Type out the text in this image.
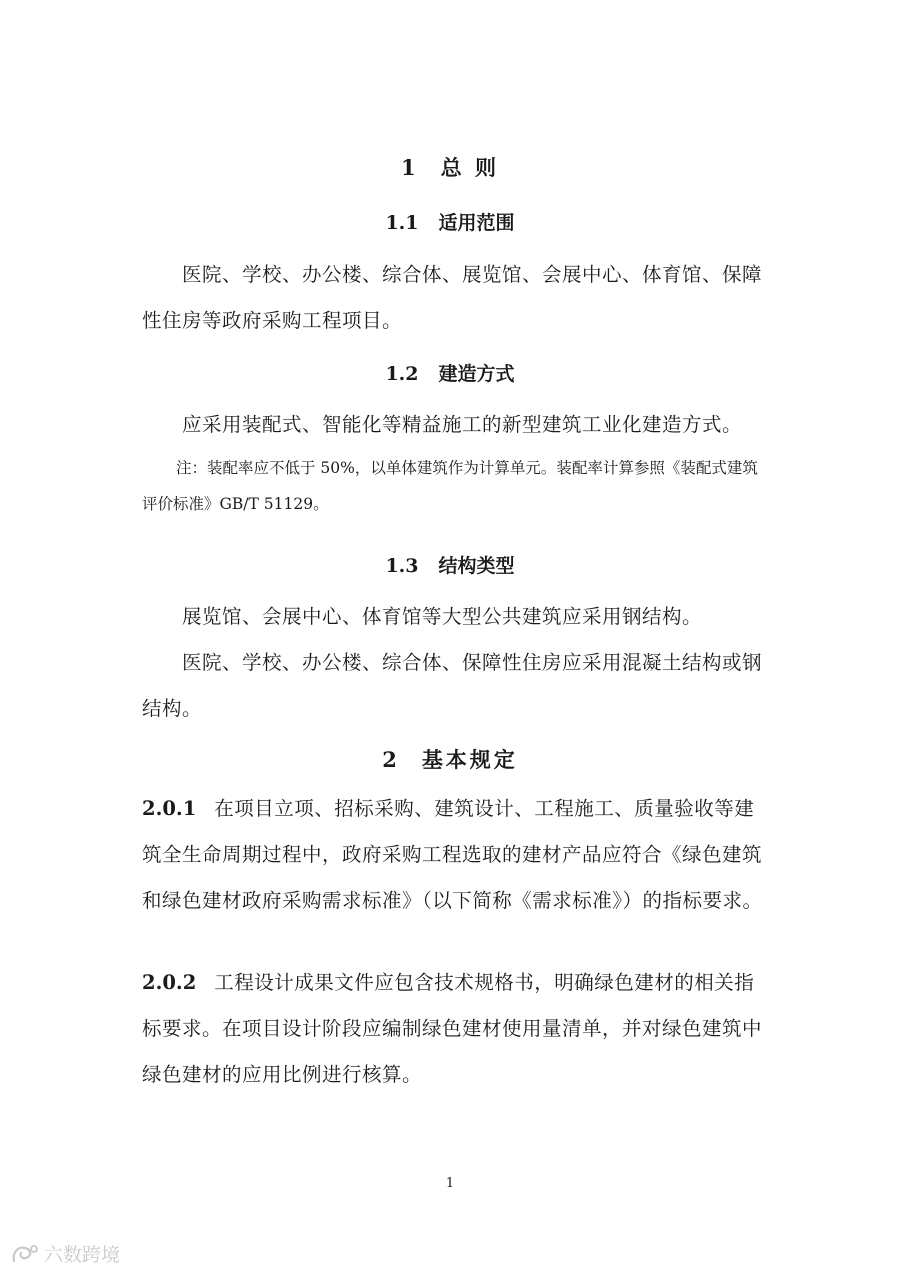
1 总 则
1.1 适用范围
医院、学校、办公楼、综合体、展览馆、会展中心、体育馆、保障性住房等政府采购工程项目。
1.2 建造方式
应采用装配式、智能化等精益施工的新型建筑工业化建造方式。
注：装配率应不低于 50%，以单体建筑作为计算单元。装配率计算参照《装配式建筑评价标准》GB/T 51129。
1.3 结构类型
展览馆、会展中心、体育馆等大型公共建筑应采用钢结构。
医院、学校、办公楼、综合体、保障性住房应采用混凝土结构或钢结构。
2 基本规定
2.0.1 在项目立项、招标采购、建筑设计、工程施工、质量验收等建筑全生命周期过程中，政府采购工程选取的建材产品应符合《绿色建筑和绿色建材政府采购需求标准》（以下简称《需求标准》）的指标要求。
2.0.2 工程设计成果文件应包含技术规格书，明确绿色建材的相关指标要求。在项目设计阶段应编制绿色建材使用量清单，并对绿色建筑中绿色建材的应用比例进行核算。
1
六数跨境
